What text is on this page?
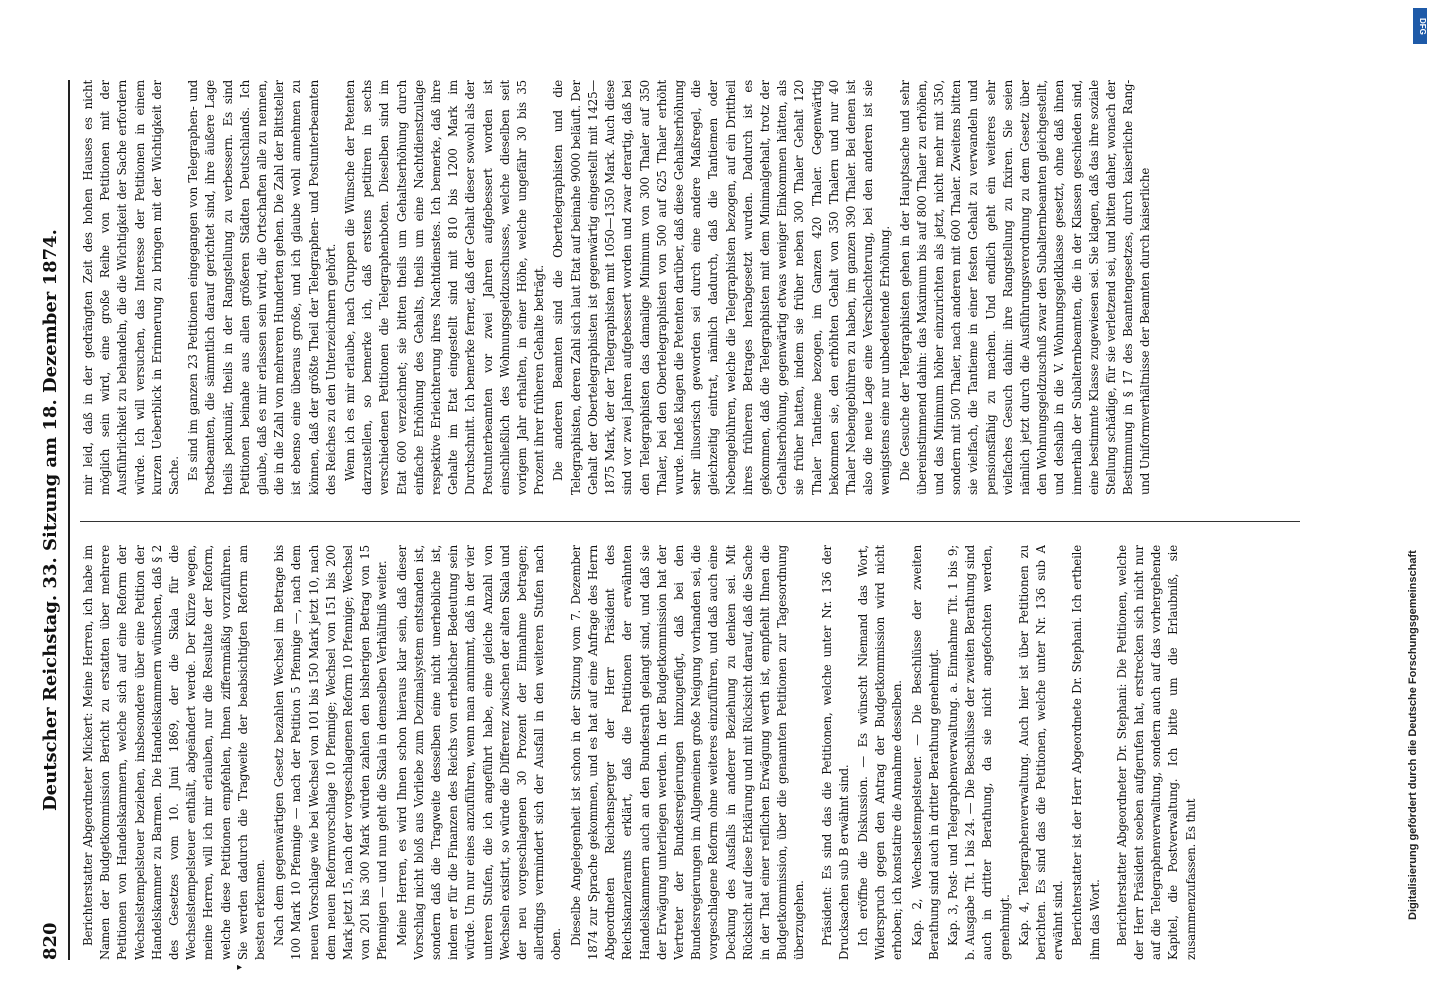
820
Deutscher Reichstag. 33. Sitzung am 18. Dezember 1874. Berichterstatter Abgeordneter Mickert: Meine Herren, ich habe im Namen der Budgetkommission Bericht zu erstatten über mehrere Petitionen von Handelskammern, welche sich auf eine Reform der Wechselstempelsteuer beziehen, insbesondere über eine Petition der Handelskammer zu Barmen. Die Handelskammern wünschen, daß § 2 des Gesetzes vom 10. Juni 1869, der die Skala für die Wechselstempelsteuer enthält, abgeändert werde. Der Kürze wegen, meine Herren, will ich mir erlauben, nur die Resultate der Reform, welche diese Petitionen empfehlen, Ihnen ziffernmäßig vorzuführen. Sie werden dadurch die Tragweite der beabsichtigten Reform am besten erkennen. Nach dem gegenwärtigen Gesetz bezahlen Wechsel im Betrage bis 100 Mark 10 Pfennige — nach der Petition 5 Pfennige —, nach dem neuen Vorschlage wie bei Wechsel von 101 bis 150 Mark jetzt 10, nach dem neuen Reformvorschlage 10 Pfennige; Wechsel von 151 bis 200 Mark jetzt 15, nach der vorgeschlagenen Reform 10 Pfennige; Wechsel von 201 bis 300 Mark würden zahlen den bisherigen Betrag von 15 Pfennigen — und nun geht die Skala in demselben Verhältniß weiter. Meine Herren, es wird Ihnen schon hieraus klar sein, daß dieser Vorschlag nicht bloß aus Vorliebe zum Dezimalsystem entstanden ist, sondern daß die Tragweite desselben eine nicht unerhebliche ist, indem er für die Finanzen des Reichs von erheblicher Bedeutung sein würde. Um nur eines anzuführen, wenn man annimmt, daß in der vier unteren Stufen, die ich angeführt habe, eine gleiche Anzahl von Wechseln existirt, so würde die Differenz zwischen der alten Skala und der neu vorgeschlagenen 30 Prozent der Einnahme betragen; allerdings vermindert sich der Ausfall in den weiteren Stufen nach oben. Dieselbe Angelegenheit ist schon in der Sitzung vom 7. Dezember 1874 zur Sprache gekommen, und es hat auf eine Anfrage des Herrn Abgeordneten Reichensperger der Herr Präsident des Reichskanzleramts erklärt, daß die Petitionen der erwähnten Handelskammern auch an den Bundesrath gelangt sind, und daß sie der Erwägung unterliegen werden. In der Budgetkommission hat der Vertreter der Bundesregierungen hinzugefügt, daß bei den Bundesregierungen im Allgemeinen große Neigung vorhanden sei, die vorgeschlagene Reform ohne weiteres einzuführen, und daß auch eine Deckung des Ausfalls in anderer Beziehung zu denken sei. Mit Rücksicht auf diese Erklärung und mit Rücksicht darauf, daß die Sache in der That einer reiflichen Erwägung werth ist, empfiehlt Ihnen die Budgetkommission, über die genannten Petitionen zur Tagesordnung überzugehen. Präsident: Es sind das die Petitionen, welche unter Nr. 136 der Drucksachen sub B erwähnt sind. Ich eröffne die Diskussion. — Es wünscht Niemand das Wort, Widerspruch gegen den Antrag der Budgetkommission wird nicht erhoben; ich konstatire die Annahme desselben. Kap. 2, Wechselstempelsteuer. — Die Beschlüsse der zweiten Berathung sind auch in dritter Berathung genehmigt. Kap. 3, Post- und Telegraphenverwaltung. a. Einnahme Tit. 1 bis 9; b. Ausgabe Tit. 1 bis 24. — Die Beschlüsse der zweiten Berathung sind auch in dritter Berathung, da sie nicht angefochten werden, genehmigt. Kap. 4, Telegraphenverwaltung. Auch hier ist über Petitionen zu berichten. Es sind das die Petitionen, welche unter Nr. 136 sub A erwähnt sind. Berichterstatter ist der Herr Abgeordnete Dr. Stephani. Ich ertheile ihm das Wort. Berichterstatter Abgeordneter Dr. Stephani: Die Petitionen, welche der Herr Präsident soeben aufgerufen hat, erstrecken sich nicht nur auf die Telegraphenverwaltung, sondern auch auf das vorhergehende Kapitel, die Postverwaltung. Ich bitte um die Erlaubniß, sie zusammenzufassen. Es thut

mir leid, daß in der gedrängten Zeit des hohen Hauses es nicht möglich sein wird, eine große Reihe von Petitionen mit der Ausführlichkeit zu behandeln, die die Wichtigkeit der Sache erfordern würde. Ich will versuchen, das Interesse der Petitionen in einem kurzen Ueberblick in Erinnerung zu bringen mit der Wichtigkeit der Sache. Es sind im ganzen 23 Petitionen eingegangen von Telegraphen- und Postbeamten, die sämmtlich darauf gerichtet sind, ihre äußere Lage theils pekuniär, theils in der Rangstellung zu verbessern. Es sind Petitionen beinahe aus allen größeren Städten Deutschlands. Ich glaube, daß es mir erlassen sein wird, die Ortschaften alle zu nennen, die in die Zahl von mehreren Hunderten gehen. Die Zahl der Bittsteller ist ebenso eine überaus große, und ich glaube wohl annehmen zu können, daß der größte Theil der Telegraphen- und Postunterbeamten des Reiches zu den Unterzeichnern gehört. Wenn ich es mir erlaube, nach Gruppen die Wünsche der Petenten darzustellen, so bemerke ich, daß erstens petitiren in sechs verschiedenen Petitionen die Telegraphenboten. Dieselben sind im Etat 600 verzeichnet; sie bitten theils um Gehaltserhöhung durch einfache Erhöhung des Gehalts, theils um eine Nachtdienstzulage respektive Erleichterung ihres Nachtdienstes. Ich bemerke, daß ihre Gehalte im Etat eingestellt sind mit 810 bis 1200 Mark im Durchschnitt. Ich bemerke ferner, daß der Gehalt dieser sowohl als der Postunterbeamten vor zwei Jahren aufgebessert worden ist einschließlich des Wohnungsgeldzuschusses, welche dieselben seit vorigem Jahr erhalten, in einer Höhe, welche ungefähr 30 bis 35 Prozent ihrer früheren Gehalte beträgt. Die anderen Beamten sind die Obertelegraphisten und die Telegraphisten, deren Zahl sich laut Etat auf beinahe 9000 beläuft. Der Gehalt der Obertelegraphisten ist gegenwärtig eingestellt mit 1425—1875 Mark, der der Telegraphisten mit 1050—1350 Mark. Auch diese sind vor zwei Jahren aufgebessert worden und zwar derartig, daß bei den Telegraphisten das damalige Minimum von 300 Thaler auf 350 Thaler, bei den Obertelegraphisten von 500 auf 625 Thaler erhöht wurde. Indeß klagen die Petenten darüber, daß diese Gehaltserhöhung sehr illusorisch geworden sei durch eine andere Maßregel, die gleichzeitig eintrat, nämlich dadurch, daß die Tantiemen oder Nebengebühren, welche die Telegraphisten bezogen, auf ein Drittheil ihres früheren Betrages herabgesetzt wurden. Dadurch ist es gekommen, daß die Telegraphisten mit dem Minimalgehalt, trotz der Gehaltserhöhung, gegenwärtig etwas weniger Einkommen hätten, als sie früher hatten, indem sie früher neben 300 Thaler Gehalt 120 Thaler Tantieme bezogen, im Ganzen 420 Thaler. Gegenwärtig bekommen sie, den erhöhten Gehalt von 350 Thalern und nur 40 Thaler Nebengebühren zu haben, im ganzen 390 Thaler. Bei denen ist also die neue Lage eine Verschlechterung, bei den anderen ist sie wenigstens eine nur unbedeutende Erhöhung. Die Gesuche der Telegraphisten gehen in der Hauptsache und sehr übereinstimmend dahin: das Maximum bis auf 800 Thaler zu erhöhen, und das Minimum höher einzurichten als jetzt, nicht mehr mit 350, sondern mit 500 Thaler, nach anderen mit 600 Thaler. Zweitens bitten sie vielfach, die Tantieme in einer festen Gehalt zu verwandeln und pensionsfähig zu machen. Und endlich geht ein weiteres sehr vielfaches Gesuch dahin: ihre Rangstellung zu fixiren. Sie seien nämlich jetzt durch die Ausführungsverordnung zu dem Gesetz über den Wohnungsgeldzuschuß zwar den Subalternbeamten gleichgestellt, und deshalb in die V. Wohnungsgeldklasse gesetzt, ohne daß ihnen innerhalb der Subalternbeamten, die in der Klassen geschieden sind, eine bestimmte Klasse zugewiesen sei. Sie klagen, daß das ihre soziale Stellung schädige, für sie verletzend sei, und bitten daher, wonach der Bestimmung in § 17 des Beamtengesetzes, durch kaiserliche Rang- und Uniformverhältnisse der Beamten durch kaiserliche

DFG
Digitalisierung gefördert durch die Deutsche Forschungsgemeinschaft
▸
